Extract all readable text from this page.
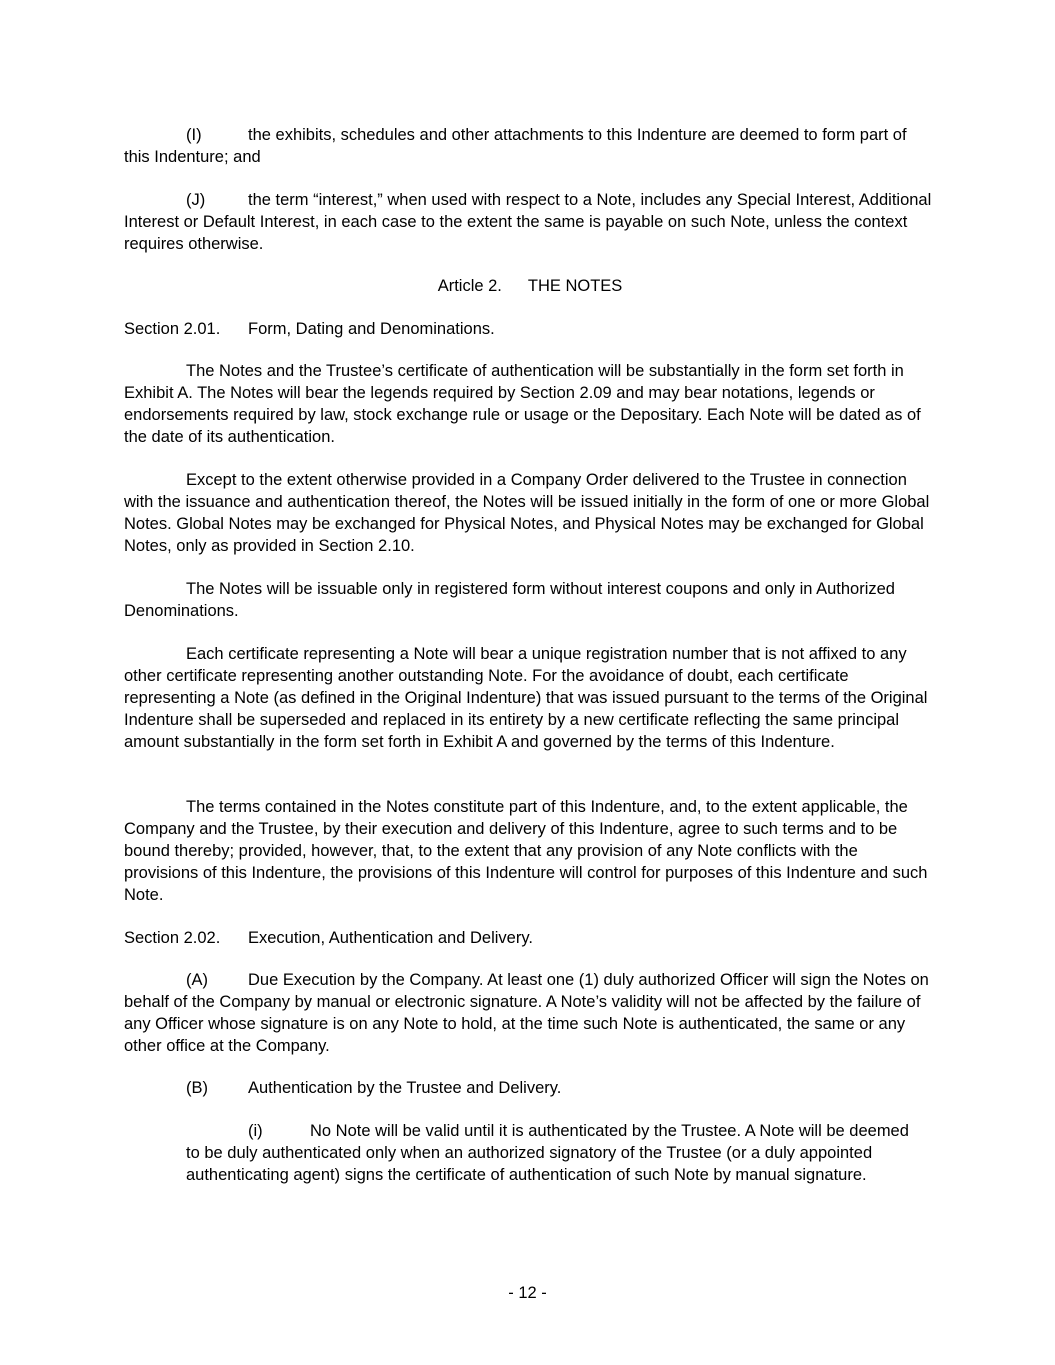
(I)	the exhibits, schedules and other attachments to this Indenture are deemed to form part of this Indenture; and

(J)	the term “interest,” when used with respect to a Note, includes any Special Interest, Additional Interest or Default Interest, in each case to the extent the same is payable on such Note, unless the context requires otherwise.

Article 2. THE NOTES

Section 2.01. Form, Dating and Denominations.

The Notes and the Trustee’s certificate of authentication will be substantially in the form set forth in Exhibit A. The Notes will bear the legends required by Section 2.09 and may bear notations, legends or endorsements required by law, stock exchange rule or usage or the Depositary. Each Note will be dated as of the date of its authentication.

Except to the extent otherwise provided in a Company Order delivered to the Trustee in connection with the issuance and authentication thereof, the Notes will be issued initially in the form of one or more Global Notes. Global Notes may be exchanged for Physical Notes, and Physical Notes may be exchanged for Global Notes, only as provided in Section 2.10.

The Notes will be issuable only in registered form without interest coupons and only in Authorized Denominations.

Each certificate representing a Note will bear a unique registration number that is not affixed to any other certificate representing another outstanding Note. For the avoidance of doubt, each certificate representing a Note (as defined in the Original Indenture) that was issued pursuant to the terms of the Original Indenture shall be superseded and replaced in its entirety by a new certificate reflecting the same principal amount substantially in the form set forth in Exhibit A and governed by the terms of this Indenture.

The terms contained in the Notes constitute part of this Indenture, and, to the extent applicable, the Company and the Trustee, by their execution and delivery of this Indenture, agree to such terms and to be bound thereby; provided, however, that, to the extent that any provision of any Note conflicts with the provisions of this Indenture, the provisions of this Indenture will control for purposes of this Indenture and such Note.

Section 2.02. Execution, Authentication and Delivery.

(A) Due Execution by the Company. At least one (1) duly authorized Officer will sign the Notes on behalf of the Company by manual or electronic signature. A Note’s validity will not be affected by the failure of any Officer whose signature is on any Note to hold, at the time such Note is authenticated, the same or any other office at the Company.

(B) Authentication by the Trustee and Delivery.

(i)	No Note will be valid until it is authenticated by the Trustee. A Note will be deemed to be duly authenticated only when an authorized signatory of the Trustee (or a duly appointed authenticating agent) signs the certificate of authentication of such Note by manual signature.

- 12 -
